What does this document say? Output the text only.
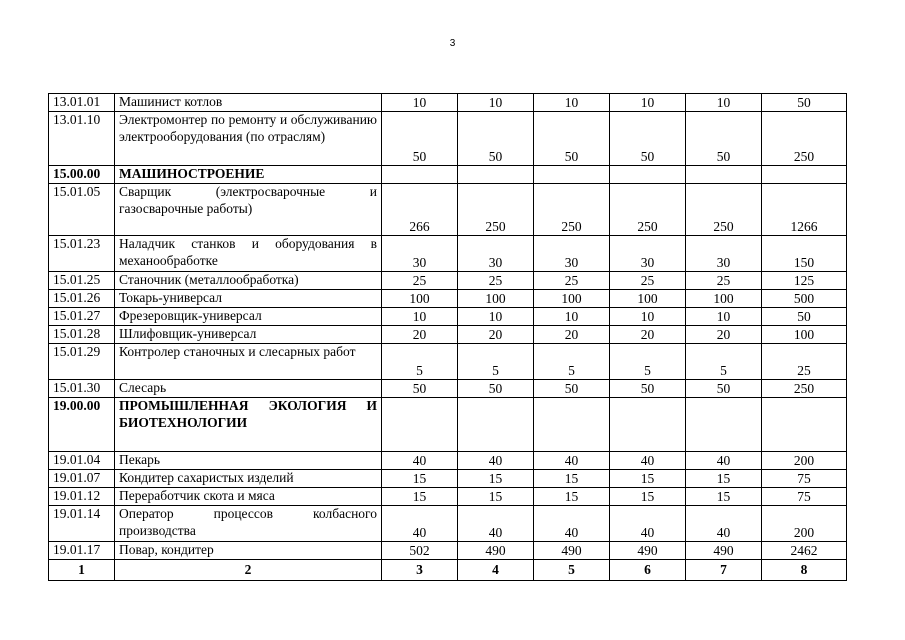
3
13.01.01	Машинист котлов	10	10	10	10	10	50
13.01.10	Электромонтер по ремонту и обслуживанию электрооборудования (по отраслям)	50	50	50	50	50	250
15.00.00	МАШИНОСТРОЕНИЕ						
15.01.05	Сварщик (электросварочные и газосварочные работы)	266	250	250	250	250	1266
15.01.23	Наладчик станков и оборудования в механообработке	30	30	30	30	30	150
15.01.25	Станочник (металлообработка)	25	25	25	25	25	125
15.01.26	Токарь-универсал	100	100	100	100	100	500
15.01.27	Фрезеровщик-универсал	10	10	10	10	10	50
15.01.28	Шлифовщик-универсал	20	20	20	20	20	100
15.01.29	Контролер станочных и слесарных работ	5	5	5	5	5	25
15.01.30	Слесарь	50	50	50	50	50	250
19.00.00	ПРОМЫШЛЕННАЯ ЭКОЛОГИЯ И БИОТЕХНОЛОГИИ						
19.01.04	Пекарь	40	40	40	40	40	200
19.01.07	Кондитер сахаристых изделий	15	15	15	15	15	75
19.01.12	Переработчик скота и мяса	15	15	15	15	15	75
19.01.14	Оператор процессов колбасного производства	40	40	40	40	40	200
19.01.17	Повар, кондитер	502	490	490	490	490	2462
1	2	3	4	5	6	7	8
